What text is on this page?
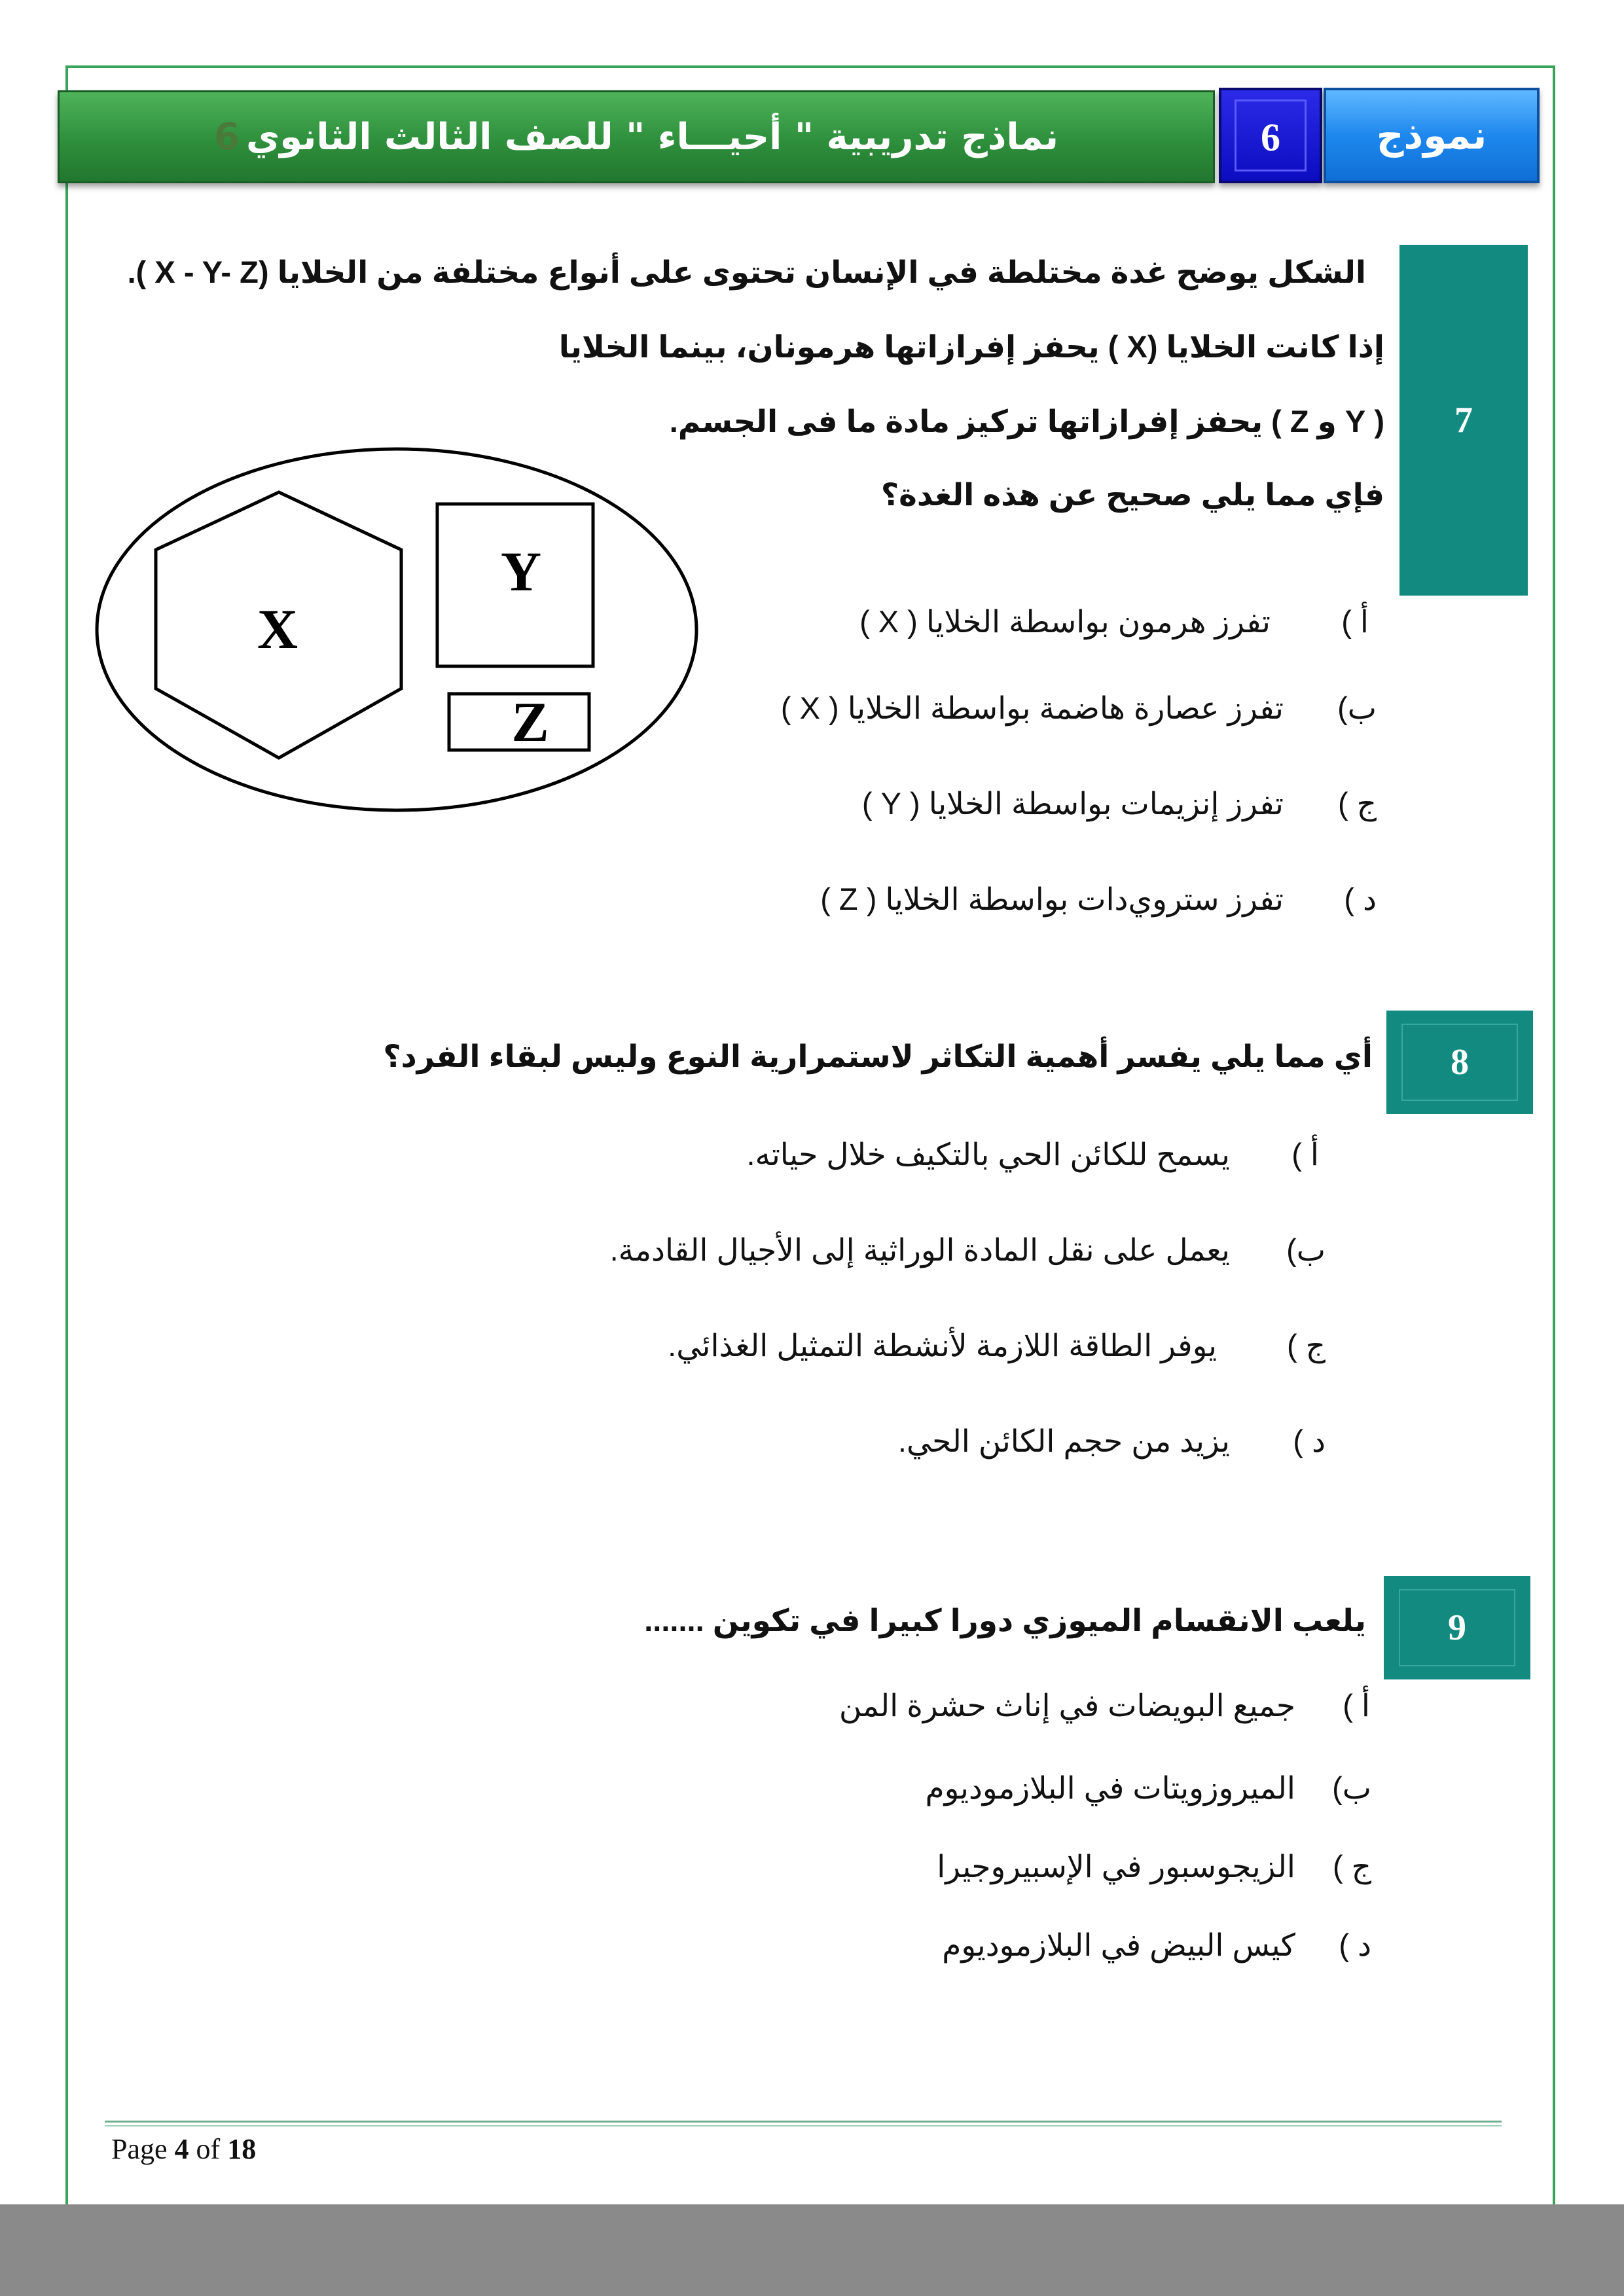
نماذج تدريبية " أحيـــاء " للصف الثالث الثانوي6	6	نموذج
7
الشكل يوضح غدة مختلطة في الإنسان تحتوى على أنواع مختلفة من الخلايا (X - Y- Z ).
إذا كانت الخلايا (X ) يحفز إفرازاتها هرمونان، بينما الخلايا
( Y و Z ) يحفز إفرازاتها تركيز مادة ما فى الجسم.
فإي مما يلي صحيح عن هذه الغدة؟
أ )
تفرز هرمون بواسطة الخلايا ( X )
ب)
تفرز عصارة هاضمة بواسطة الخلايا ( X )
ج )
تفرز إنزيمات بواسطة الخلايا ( Y )
د )
تفرز ستروي‌دات بواسطة الخلايا ( Z )
X
Y
Z
8
أي مما يلي يفسر أهمية التكاثر لاستمرارية النوع وليس لبقاء الفرد؟
أ )
يسمح للكائن الحي بالتكيف خلال حياته.
ب)
يعمل على نقل المادة الوراثية إلى الأجيال القادمة.
ج )
يوفر الطاقة اللازمة لأنشطة التمثيل الغذائي.
د )
يزيد من حجم الكائن الحي.
9
يلعب الانقسام الميوزي دورا كبيرا في تكوين .......
أ )
جميع البويضات في إناث حشرة المن
ب)
الميروزويتات في البلازموديوم
ج )
الزيجوسبور في الإسبيروجيرا
د )
كيس البيض في البلازموديوم
Page 4 of 18
